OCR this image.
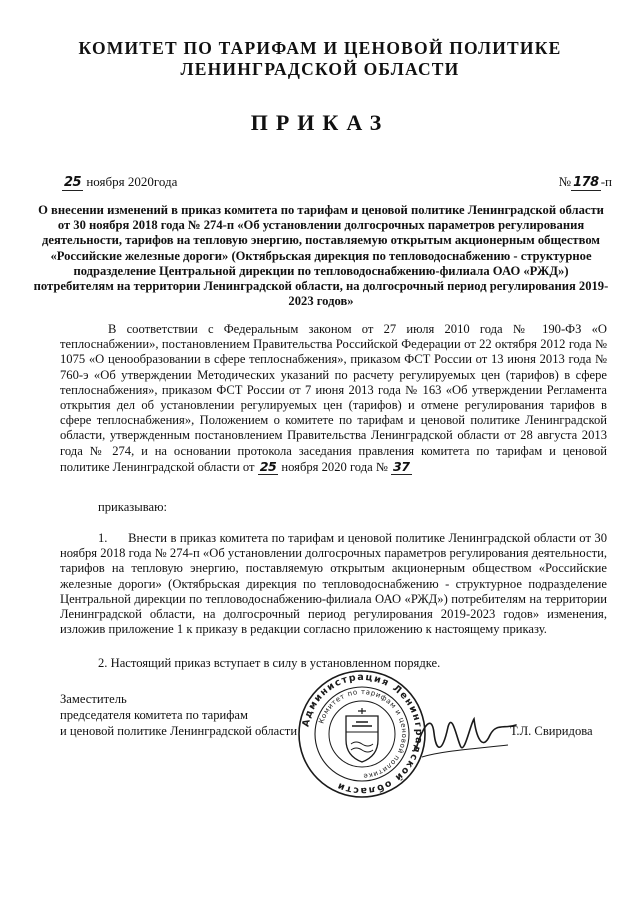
КОМИТЕТ ПО ТАРИФАМ И ЦЕНОВОЙ ПОЛИТИКЕ
ЛЕНИНГРАДСКОЙ ОБЛАСТИ
ПРИКАЗ
25 ноября 2020года	№ 178 -п
О внесении изменений в приказ комитета по тарифам и ценовой политике Ленинградской области от 30 ноября 2018 года № 274-п «Об установлении долгосрочных параметров регулирования деятельности, тарифов на тепловую энергию, поставляемую открытым акционерным обществом «Российские железные дороги» (Октябрьская дирекция по тепловодоснабжению - структурное подразделение Центральной дирекции по тепловодоснабжению-филиала ОАО «РЖД») потребителям на территории Ленинградской области, на долгосрочный период регулирования 2019-2023 годов»
В соответствии с Федеральным законом от 27 июля 2010 года № 190-ФЗ «О теплоснабжении», постановлением Правительства Российской Федерации от 22 октября 2012 года № 1075 «О ценообразовании в сфере теплоснабжения», приказом ФСТ России от 13 июня 2013 года № 760-э «Об утверждении Методических указаний по расчету регулируемых цен (тарифов) в сфере теплоснабжения», приказом ФСТ России от 7 июня 2013 года № 163 «Об утверждении Регламента открытия дел об установлении регулируемых цен (тарифов) и отмене регулирования тарифов в сфере теплоснабжения», Положением о комитете по тарифам и ценовой политике Ленинградской области, утвержденным постановлением Правительства Ленинградской области от 28 августа 2013 года № 274, и на основании протокола заседания правления комитета по тарифам и ценовой политике Ленинградской области от 25 ноября 2020 года № 37
приказываю:
1.      Внести в приказ комитета по тарифам и ценовой политике Ленинградской области от 30 ноября 2018 года № 274-п «Об установлении долгосрочных параметров регулирования деятельности, тарифов на тепловую энергию, поставляемую открытым акционерным обществом «Российские железные дороги» (Октябрьская дирекция по тепловодоснабжению - структурное подразделение Центральной дирекции по тепловодоснабжению-филиала ОАО «РЖД») потребителям на территории Ленинградской области, на долгосрочный период регулирования 2019-2023 годов» изменения, изложив приложение 1 к приказу в редакции согласно приложению к настоящему приказу.
2. Настоящий приказ вступает в силу в установленном порядке.
Заместитель
председателя комитета по тарифам
и ценовой политике Ленинградской области
Администрация Ленинградской области
Комитет по тарифам и ценовой политике
Т.Л. Свиридова
